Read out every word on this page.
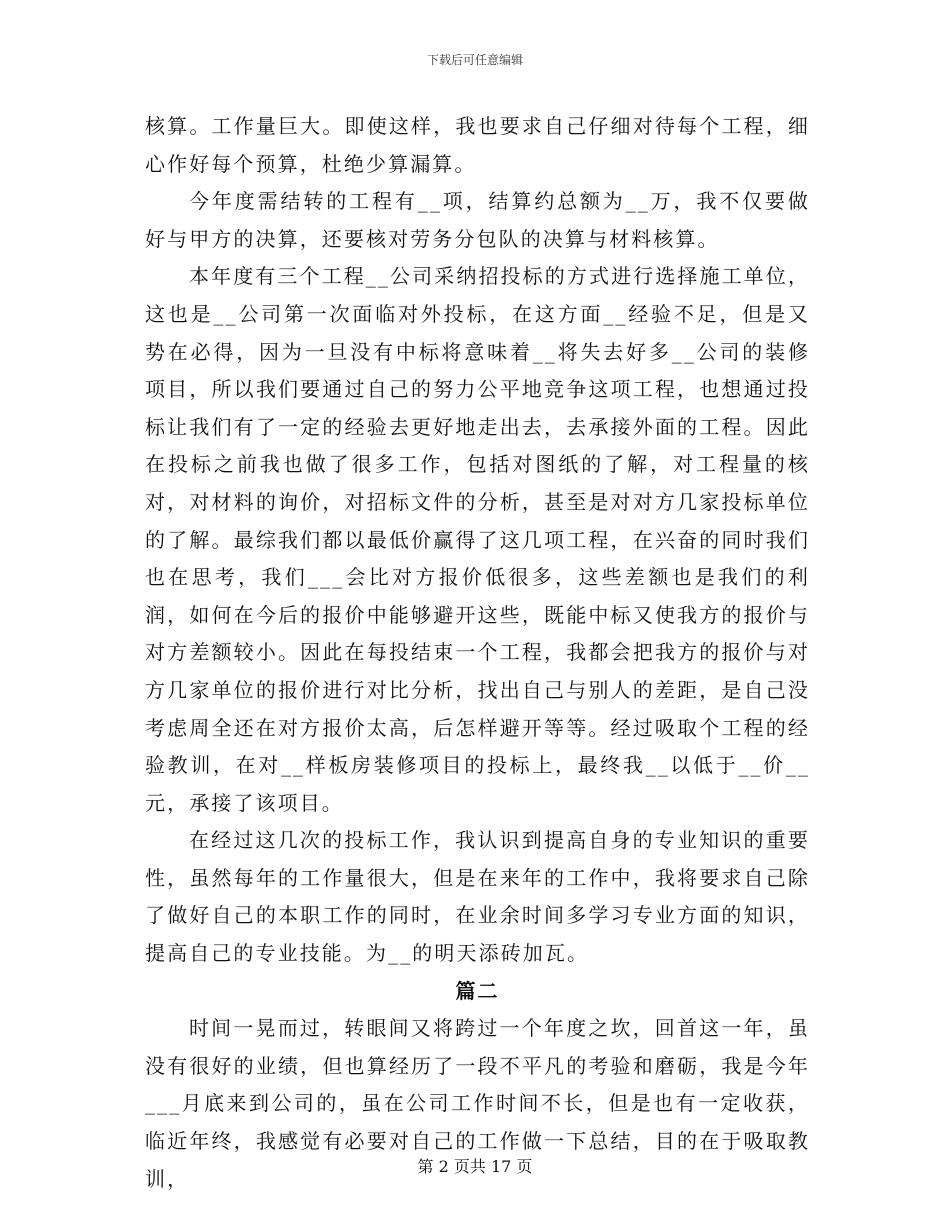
下载后可任意编辑

核算。工作量巨大。即使这样，我也要求自己仔细对待每个工程，细心作好每个预算，杜绝少算漏算。

今年度需结转的工程有__项，结算约总额为__万，我不仅要做好与甲方的决算，还要核对劳务分包队的决算与材料核算。

本年度有三个工程__公司采纳招投标的方式进行选择施工单位，这也是__公司第一次面临对外投标，在这方面__经验不足，但是又势在必得，因为一旦没有中标将意味着__将失去好多__公司的装修项目，所以我们要通过自己的努力公平地竞争这项工程，也想通过投标让我们有了一定的经验去更好地走出去，去承接外面的工程。因此在投标之前我也做了很多工作，包括对图纸的了解，对工程量的核对，对材料的询价，对招标文件的分析，甚至是对对方几家投标单位的了解。最综我们都以最低价赢得了这几项工程，在兴奋的同时我们也在思考，我们___会比对方报价低很多，这些差额也是我们的利润，如何在今后的报价中能够避开这些，既能中标又使我方的报价与对方差额较小。因此在每投结束一个工程，我都会把我方的报价与对方几家单位的报价进行对比分析，找出自己与别人的差距，是自己没考虑周全还在对方报价太高，后怎样避开等等。经过吸取个工程的经验教训，在对__样板房装修项目的投标上，最终我__以低于__价__元，承接了该项目。

在经过这几次的投标工作，我认识到提高自身的专业知识的重要性，虽然每年的工作量很大，但是在来年的工作中，我将要求自己除了做好自己的本职工作的同时，在业余时间多学习专业方面的知识，提高自己的专业技能。为__的明天添砖加瓦。

篇二

时间一晃而过，转眼间又将跨过一个年度之坎，回首这一年，虽没有很好的业绩，但也算经历了一段不平凡的考验和磨砺，我是今年___月底来到公司的，虽在公司工作时间不长，但是也有一定收获，临近年终，我感觉有必要对自己的工作做一下总结，目的在于吸取教训，

第 2 页共 17 页
